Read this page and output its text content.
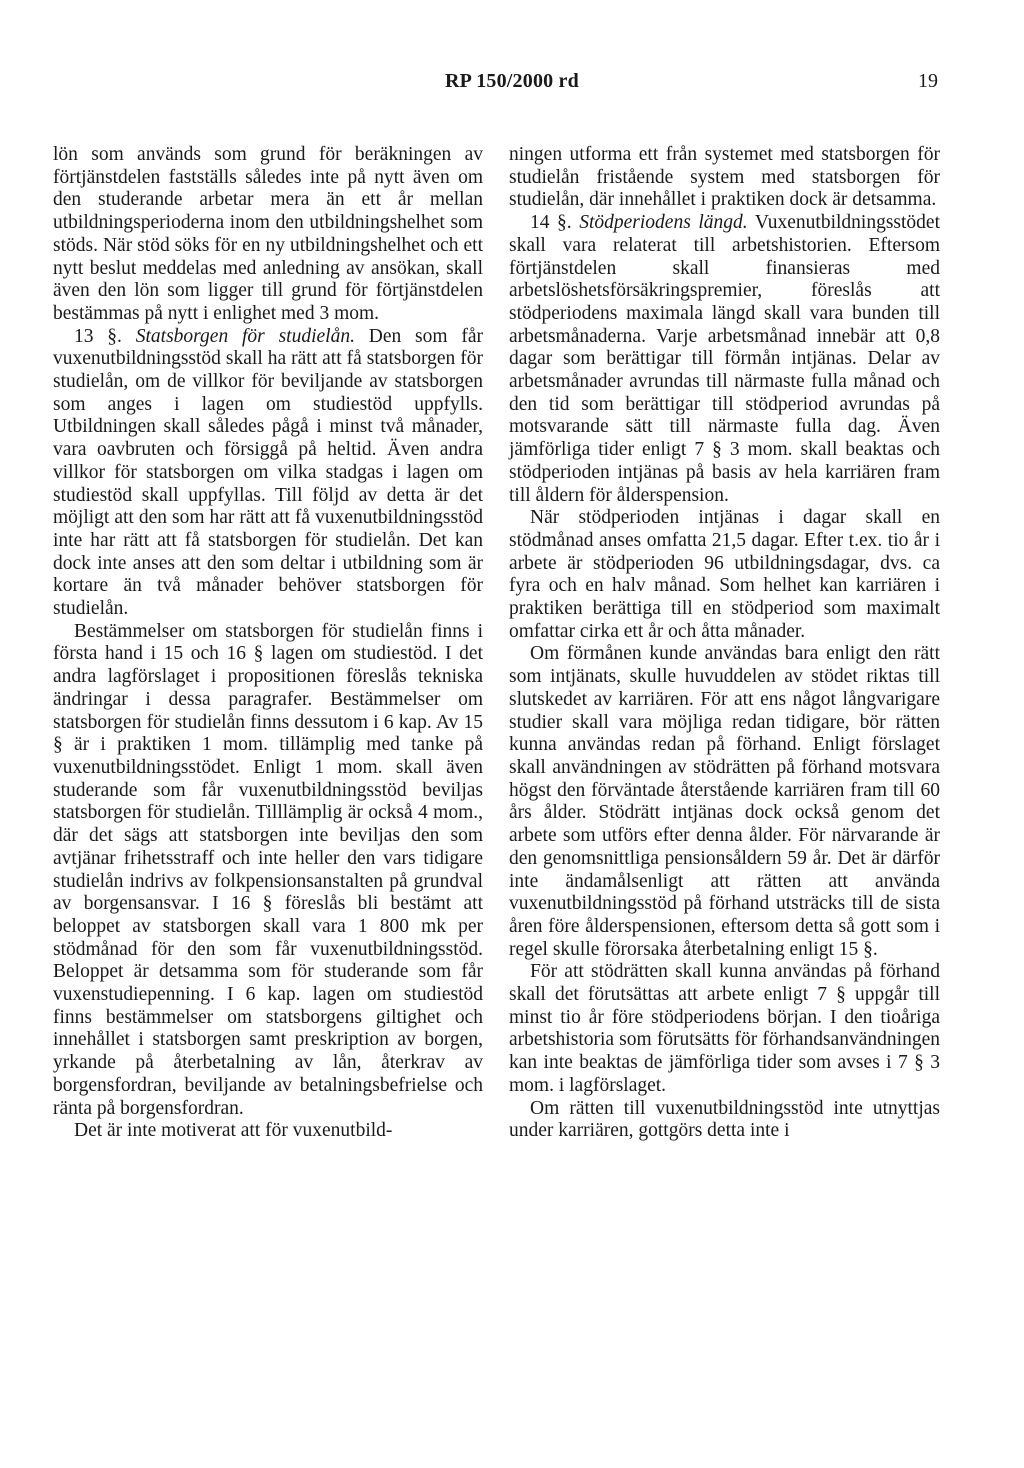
RP 150/2000 rd	19

lön som används som grund för beräkningen av förtjänstdelen fastställs således inte på nytt även om den studerande arbetar mera än ett år mellan utbildningsperioderna inom den utbildningshelhet som stöds. När stöd söks för en ny utbildningshelhet och ett nytt beslut meddelas med anledning av ansökan, skall även den lön som ligger till grund för förtjänstdelen bestämmas på nytt i enlighet med 3 mom.

13 §. Statsborgen för studielån. Den som får vuxenutbildningsstöd skall ha rätt att få statsborgen för studielån, om de villkor för beviljande av statsborgen som anges i lagen om studiestöd uppfylls. Utbildningen skall således pågå i minst två månader, vara oavbruten och försiggå på heltid. Även andra villkor för statsborgen om vilka stadgas i lagen om studiestöd skall uppfyllas. Till följd av detta är det möjligt att den som har rätt att få vuxenutbildningsstöd inte har rätt att få statsborgen för studielån. Det kan dock inte anses att den som deltar i utbildning som är kortare än två månader behöver statsborgen för studielån.

Bestämmelser om statsborgen för studielån finns i första hand i 15 och 16 § lagen om studiestöd. I det andra lagförslaget i propositionen föreslås tekniska ändringar i dessa paragrafer. Bestämmelser om statsborgen för studielån finns dessutom i 6 kap. Av 15 § är i praktiken 1 mom. tillämplig med tanke på vuxenutbildningsstödet. Enligt 1 mom. skall även studerande som får vuxenutbildningsstöd beviljas statsborgen för studielån. Tilllämplig är också 4 mom., där det sägs att statsborgen inte beviljas den som avtjänar frihetsstraff och inte heller den vars tidigare studielån indrivs av folkpensionsanstalten på grundval av borgensansvar. I 16 § föreslås bli bestämt att beloppet av statsborgen skall vara 1 800 mk per stödmånad för den som får vuxenutbildningsstöd. Beloppet är detsamma som för studerande som får vuxenstudiepenning. I 6 kap. lagen om studiestöd finns bestämmelser om statsborgens giltighet och innehållet i statsborgen samt preskription av borgen, yrkande på återbetalning av lån, återkrav av borgensfordran, beviljande av betalningsbefrielse och ränta på borgensfordran.

Det är inte motiverat att för vuxenutbild-

ningen utforma ett från systemet med statsborgen för studielån fristående system med statsborgen för studielån, där innehållet i praktiken dock är detsamma.

14 §. Stödperiodens längd. Vuxenutbildningsstödet skall vara relaterat till arbetshistorien. Eftersom förtjänstdelen skall finansieras med arbetslöshetsförsäkringspremier, föreslås att stödperiodens maximala längd skall vara bunden till arbetsmånaderna. Varje arbetsmånad innebär att 0,8 dagar som berättigar till förmån intjänas. Delar av arbetsmånader avrundas till närmaste fulla månad och den tid som berättigar till stödperiod avrundas på motsvarande sätt till närmaste fulla dag. Även jämförliga tider enligt 7 § 3 mom. skall beaktas och stödperioden intjänas på basis av hela karriären fram till åldern för ålderspension.

När stödperioden intjänas i dagar skall en stödmånad anses omfatta 21,5 dagar. Efter t.ex. tio år i arbete är stödperioden 96 utbildningsdagar, dvs. ca fyra och en halv månad. Som helhet kan karriären i praktiken berättiga till en stödperiod som maximalt omfattar cirka ett år och åtta månader.

Om förmånen kunde användas bara enligt den rätt som intjänats, skulle huvuddelen av stödet riktas till slutskedet av karriären. För att ens något långvarigare studier skall vara möjliga redan tidigare, bör rätten kunna användas redan på förhand. Enligt förslaget skall användningen av stödrätten på förhand motsvara högst den förväntade återstående karriären fram till 60 års ålder. Stödrätt intjänas dock också genom det arbete som utförs efter denna ålder. För närvarande är den genomsnittliga pensionsåldern 59 år. Det är därför inte ändamålsenligt att rätten att använda vuxenutbildningsstöd på förhand utsträcks till de sista åren före ålderspensionen, eftersom detta så gott som i regel skulle förorsaka återbetalning enligt 15 §.

För att stödrätten skall kunna användas på förhand skall det förutsättas att arbete enligt 7 § uppgår till minst tio år före stödperiodens början. I den tioåriga arbetshistoria som förutsätts för förhandsanvändningen kan inte beaktas de jämförliga tider som avses i 7 § 3 mom. i lagförslaget.

Om rätten till vuxenutbildningsstöd inte utnyttjas under karriären, gottgörs detta inte i
